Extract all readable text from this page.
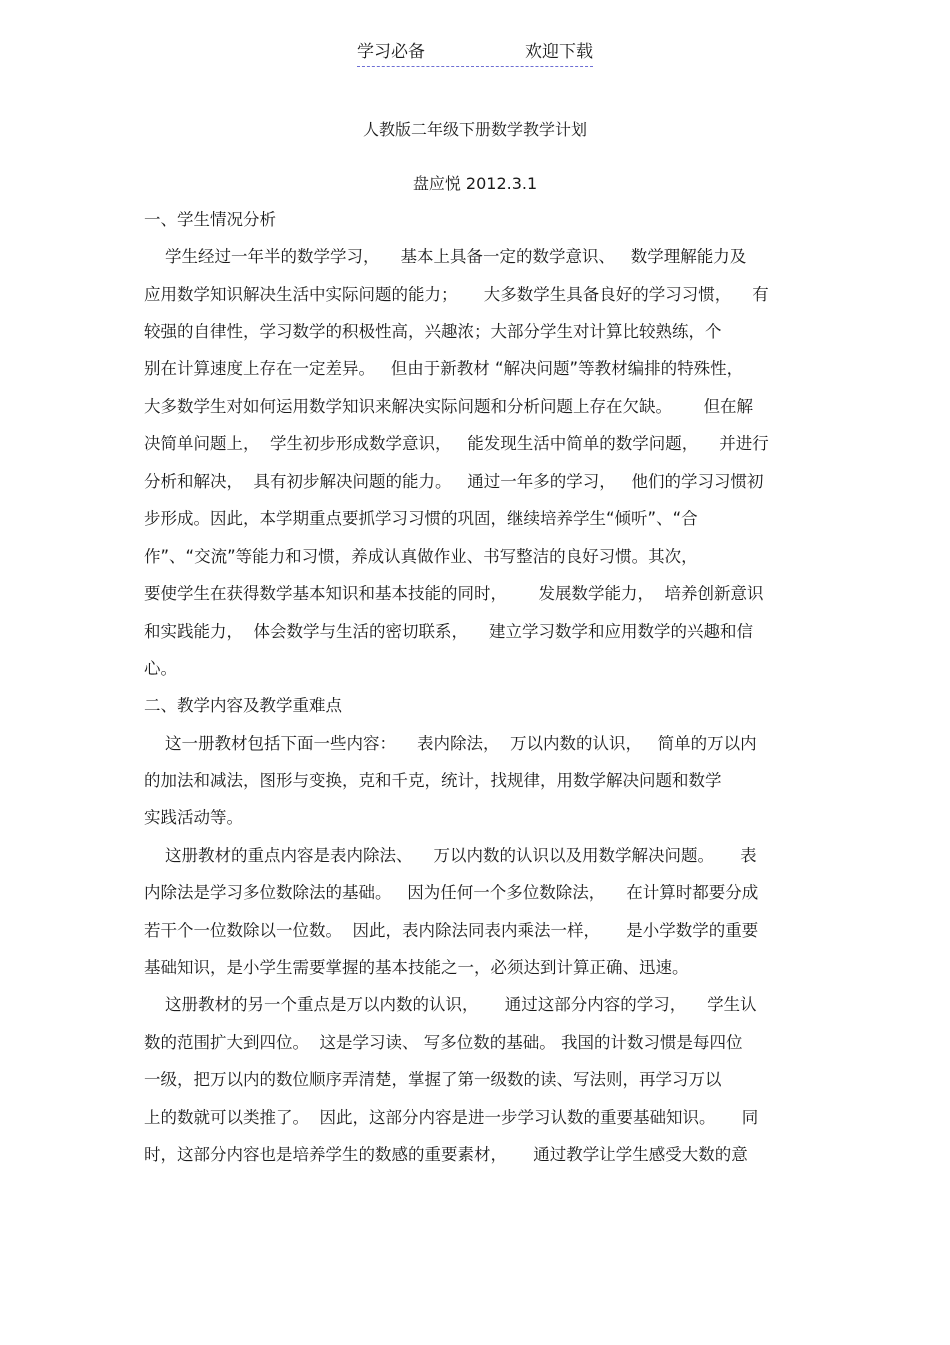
学习必备	欢迎下载
人教版二年级下册数学教学计划
盘应悦 2012.3.1
一、学生情况分析
学生经过一年半的数学学习，    基本上具备一定的数学意识、   数学理解能力及
应用数学知识解决生活中实际问题的能力；     大多数学生具备良好的学习习惯，    有
较强的自律性，学习数学的积极性高，兴趣浓；大部分学生对计算比较熟练，个
别在计算速度上存在一定差异。   但由于新教材 “解决问题”等教材编排的特殊性，
大多数学生对如何运用数学知识来解决实际问题和分析问题上存在欠缺。      但在解
决简单问题上，  学生初步形成数学意识，   能发现生活中简单的数学问题，    并进行
分析和解决，  具有初步解决问题的能力。   通过一年多的学习，   他们的学习习惯初
步形成。因此，本学期重点要抓学习习惯的巩固，继续培养学生“倾听”、“合
作”、“交流”等能力和习惯，养成认真做作业、书写整洁的良好习惯。其次，
要使学生在获得数学基本知识和基本技能的同时，      发展数学能力，  培养创新意识
和实践能力，  体会数学与生活的密切联系，    建立学习数学和应用数学的兴趣和信
心。
二、教学内容及教学重难点
这一册教材包括下面一些内容：    表内除法，  万以内数的认识，   简单的万以内
的加法和减法，图形与变换，克和千克，统计，找规律，用数学解决问题和数学
实践活动等。
这册教材的重点内容是表内除法、    万以内数的认识以及用数学解决问题。     表
内除法是学习多位数除法的基础。   因为任何一个多位数除法，    在计算时都要分成
若干个一位数除以一位数。  因此，表内除法同表内乘法一样，     是小学数学的重要
基础知识，是小学生需要掌握的基本技能之一，必须达到计算正确、迅速。
这册教材的另一个重点是万以内数的认识，     通过这部分内容的学习，    学生认
数的范围扩大到四位。  这是学习读、 写多位数的基础。 我国的计数习惯是每四位
一级，把万以内的数位顺序弄清楚，掌握了第一级数的读、写法则，再学习万以
上的数就可以类推了。  因此，这部分内容是进一步学习认数的重要基础知识。     同
时，这部分内容也是培养学生的数感的重要素材，     通过教学让学生感受大数的意
